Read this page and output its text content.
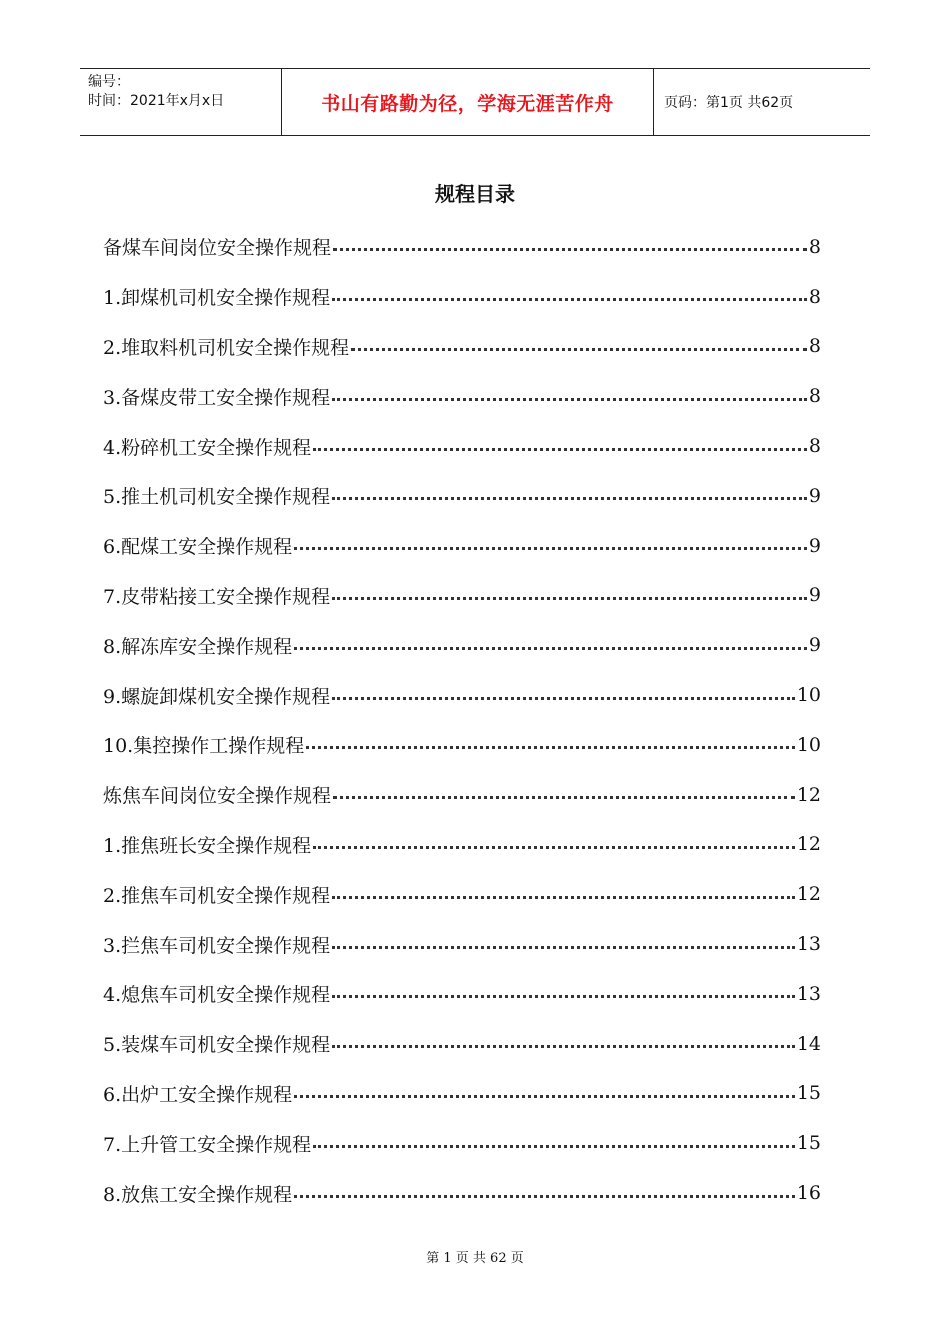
编号：
时间：2021年x月x日	书山有路勤为径，学海无涯苦作舟	页码：第1页 共62页
规程目录
备煤车间岗位安全操作规程	8
1.卸煤机司机安全操作规程	8
2.堆取料机司机安全操作规程	8
3.备煤皮带工安全操作规程	8
4.粉碎机工安全操作规程	8
5.推土机司机安全操作规程	9
6.配煤工安全操作规程	9
7.皮带粘接工安全操作规程	9
8.解冻库安全操作规程	9
9.螺旋卸煤机安全操作规程	10
10.集控操作工操作规程	10
炼焦车间岗位安全操作规程	12
1.推焦班长安全操作规程	12
2.推焦车司机安全操作规程	12
3.拦焦车司机安全操作规程	13
4.熄焦车司机安全操作规程	13
5.装煤车司机安全操作规程	14
6.出炉工安全操作规程	15
7.上升管工安全操作规程	15
8.放焦工安全操作规程	16
第 1 页 共 62 页
